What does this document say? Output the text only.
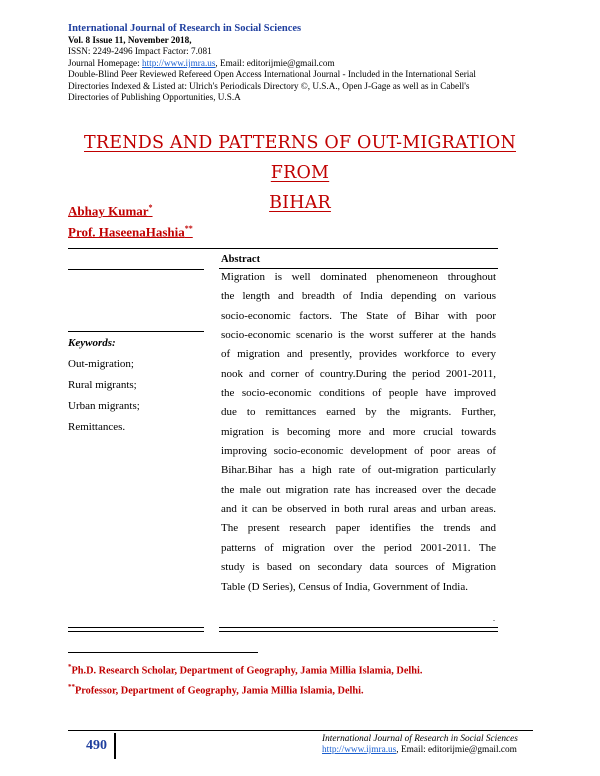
International Journal of Research in Social Sciences
Vol. 8 Issue 11, November 2018,
ISSN: 2249-2496 Impact Factor: 7.081
Journal Homepage: http://www.ijmra.us, Email: editorijmie@gmail.com
Double-Blind Peer Reviewed Refereed Open Access International Journal - Included in the International Serial
Directories Indexed & Listed at: Ulrich's Periodicals Directory ©, U.S.A., Open J-Gage as well as in Cabell's
Directories of Publishing Opportunities, U.S.A
TRENDS AND PATTERNS OF OUT-MIGRATION FROM
BIHAR
Abhay Kumar*
Prof. HaseenaHashia**
Abstract
Migration is well dominated phenomeneon throughout
the length and breadth of India depending on various
socio-economic factors. The State of Bihar with poor
socio-economic scenario is the worst sufferer at the hands
of migration and presently, provides workforce to every
nook and corner of country.During the period 2001-2011,
the socio-economic conditions of people have improved
due to remittances earned by the migrants. Further,
migration is becoming more and more crucial towards
improving socio-economic development of poor areas of
Bihar.Bihar has a high rate of out-migration particularly
the male out migration rate has increased over the decade
and it can be observed in both rural areas and urban areas.
The present research paper identifies the trends and
patterns of migration over the period 2001-2011. The
study is based on secondary data sources of Migration
Table (D Series), Census of India, Government of India.
.
Keywords:
Out-migration;
Rural migrants;
Urban migrants;
Remittances.
*Ph.D. Research Scholar, Department of Geography, Jamia Millia Islamia, Delhi.
**Professor, Department of Geography, Jamia Millia Islamia, Delhi.
490	International Journal of Research in Social Sciences
http://www.ijmra.us, Email: editorijmie@gmail.com
